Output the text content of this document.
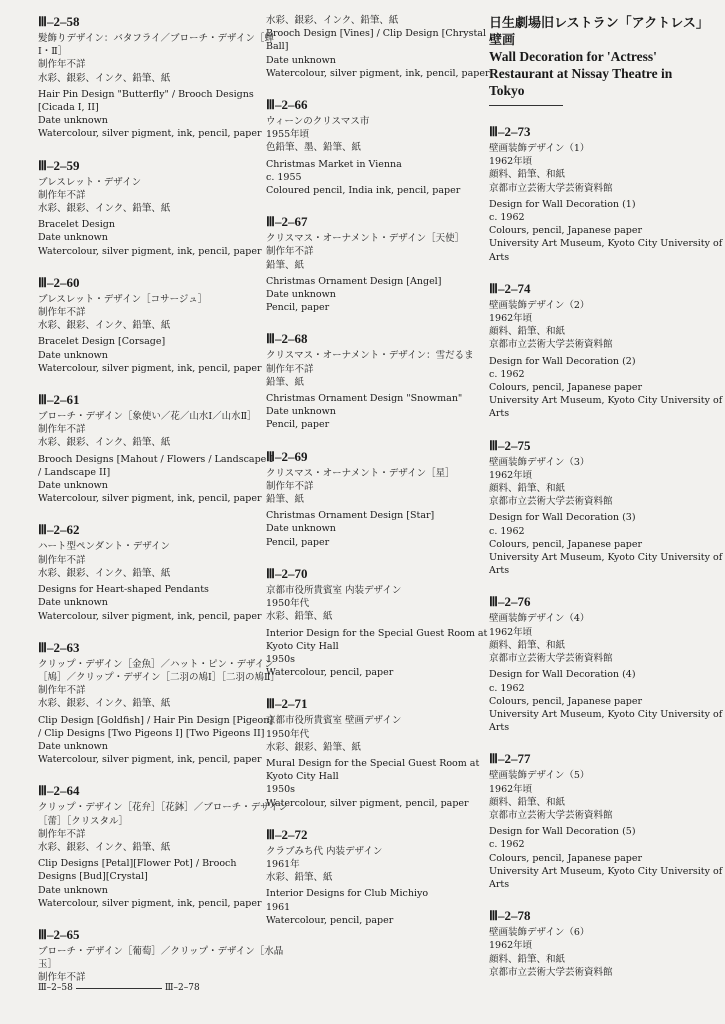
Ⅲ–2–58
髪飾りデザイン：バタフライ／ブローチ・デザイン［蝉
Ⅰ・Ⅱ］
制作年不詳
水彩、銀彩、インク、鉛筆、紙
Hair Pin Design "Butterfly" / Brooch Designs
[Cicada I, II]
Date unknown
Watercolour, silver pigment, ink, pencil, paper
Ⅲ–2–59
ブレスレット・デザイン
制作年不詳
水彩、銀彩、インク、鉛筆、紙
Bracelet Design
Date unknown
Watercolour, silver pigment, ink, pencil, paper
Ⅲ–2–60
ブレスレット・デザイン［コサージュ］
制作年不詳
水彩、銀彩、インク、鉛筆、紙
Bracelet Design [Corsage]
Date unknown
Watercolour, silver pigment, ink, pencil, paper
Ⅲ–2–61
ブローチ・デザイン［象使い／花／山水Ⅰ／山水Ⅱ］
制作年不詳
水彩、銀彩、インク、鉛筆、紙
Brooch Designs [Mahout / Flowers / Landscape I
/ Landscape II]
Date unknown
Watercolour, silver pigment, ink, pencil, paper
Ⅲ–2–62
ハート型ペンダント・デザイン
制作年不詳
水彩、銀彩、インク、鉛筆、紙
Designs for Heart-shaped Pendants
Date unknown
Watercolour, silver pigment, ink, pencil, paper
Ⅲ–2–63
クリップ・デザイン［金魚］／ハット・ピン・デザイン
［鳩］／クリップ・デザイン［二羽の鳩Ⅰ］［二羽の鳩Ⅱ］
制作年不詳
水彩、銀彩、インク、鉛筆、紙
Clip Design [Goldfish] / Hair Pin Design [Pigeon]
/ Clip Designs [Two Pigeons I] [Two Pigeons II]
Date unknown
Watercolour, silver pigment, ink, pencil, paper
Ⅲ–2–64
クリップ・デザイン［花弁］［花鉢］／ブローチ・デザイン
［蕾］［クリスタル］
制作年不詳
水彩、銀彩、インク、鉛筆、紙
Clip Designs [Petal][Flower Pot] / Brooch
Designs [Bud][Crystal]
Date unknown
Watercolour, silver pigment, ink, pencil, paper
Ⅲ–2–65
ブローチ・デザイン［葡萄］／クリップ・デザイン［水晶
玉］
制作年不詳
水彩、銀彩、インク、鉛筆、紙
Brooch Design [Vines] / Clip Design [Chrystal
Ball]
Date unknown
Watercolour, silver pigment, ink, pencil, paper
Ⅲ–2–66
ウィーンのクリスマス市
1955年頃
色鉛筆、墨、鉛筆、紙
Christmas Market in Vienna
c. 1955
Coloured pencil, India ink, pencil, paper
Ⅲ–2–67
クリスマス・オーナメント・デザイン［天使］
制作年不詳
鉛筆、紙
Christmas Ornament Design [Angel]
Date unknown
Pencil, paper
Ⅲ–2–68
クリスマス・オーナメント・デザイン：雪だるま
制作年不詳
鉛筆、紙
Christmas Ornament Design "Snowman"
Date unknown
Pencil, paper
Ⅲ–2–69
クリスマス・オーナメント・デザイン［星］
制作年不詳
鉛筆、紙
Christmas Ornament Design [Star]
Date unknown
Pencil, paper
Ⅲ–2–70
京都市役所貴賓室 内装デザイン
1950年代
水彩、鉛筆、紙
Interior Design for the Special Guest Room at
Kyoto City Hall
1950s
Watercolour, pencil, paper
Ⅲ–2–71
京都市役所貴賓室 壁画デザイン
1950年代
水彩、銀彩、鉛筆、紙
Mural Design for the Special Guest Room at
Kyoto City Hall
1950s
Watercolour, silver pigment, pencil, paper
Ⅲ–2–72
クラブみち代 内装デザイン
1961年
水彩、鉛筆、紙
Interior Designs for Club Michiyo
1961
Watercolour, pencil, paper
日生劇場旧レストラン「アクトレス」壁画
Wall Decoration for 'Actress'
Restaurant at Nissay Theatre in
Tokyo
Ⅲ–2–73
壁画装飾デザイン（1）
1962年頃
顔料、鉛筆、和紙
京都市立芸術大学芸術資料館
Design for Wall Decoration (1)
c. 1962
Colours, pencil, Japanese paper
University Art Museum, Kyoto City University of
Arts
Ⅲ–2–74
壁画装飾デザイン（2）
1962年頃
顔料、鉛筆、和紙
京都市立芸術大学芸術資料館
Design for Wall Decoration (2)
c. 1962
Colours, pencil, Japanese paper
University Art Museum, Kyoto City University of
Arts
Ⅲ–2–75
壁画装飾デザイン（3）
1962年頃
顔料、鉛筆、和紙
京都市立芸術大学芸術資料館
Design for Wall Decoration (3)
c. 1962
Colours, pencil, Japanese paper
University Art Museum, Kyoto City University of
Arts
Ⅲ–2–76
壁画装飾デザイン（4）
1962年頃
顔料、鉛筆、和紙
京都市立芸術大学芸術資料館
Design for Wall Decoration (4)
c. 1962
Colours, pencil, Japanese paper
University Art Museum, Kyoto City University of
Arts
Ⅲ–2–77
壁画装飾デザイン（5）
1962年頃
顔料、鉛筆、和紙
京都市立芸術大学芸術資料館
Design for Wall Decoration (5)
c. 1962
Colours, pencil, Japanese paper
University Art Museum, Kyoto City University of
Arts
Ⅲ–2–78
壁画装飾デザイン（6）
1962年頃
顔料、鉛筆、和紙
京都市立芸術大学芸術資料館
Ⅲ–2–58	Ⅲ–2–78
